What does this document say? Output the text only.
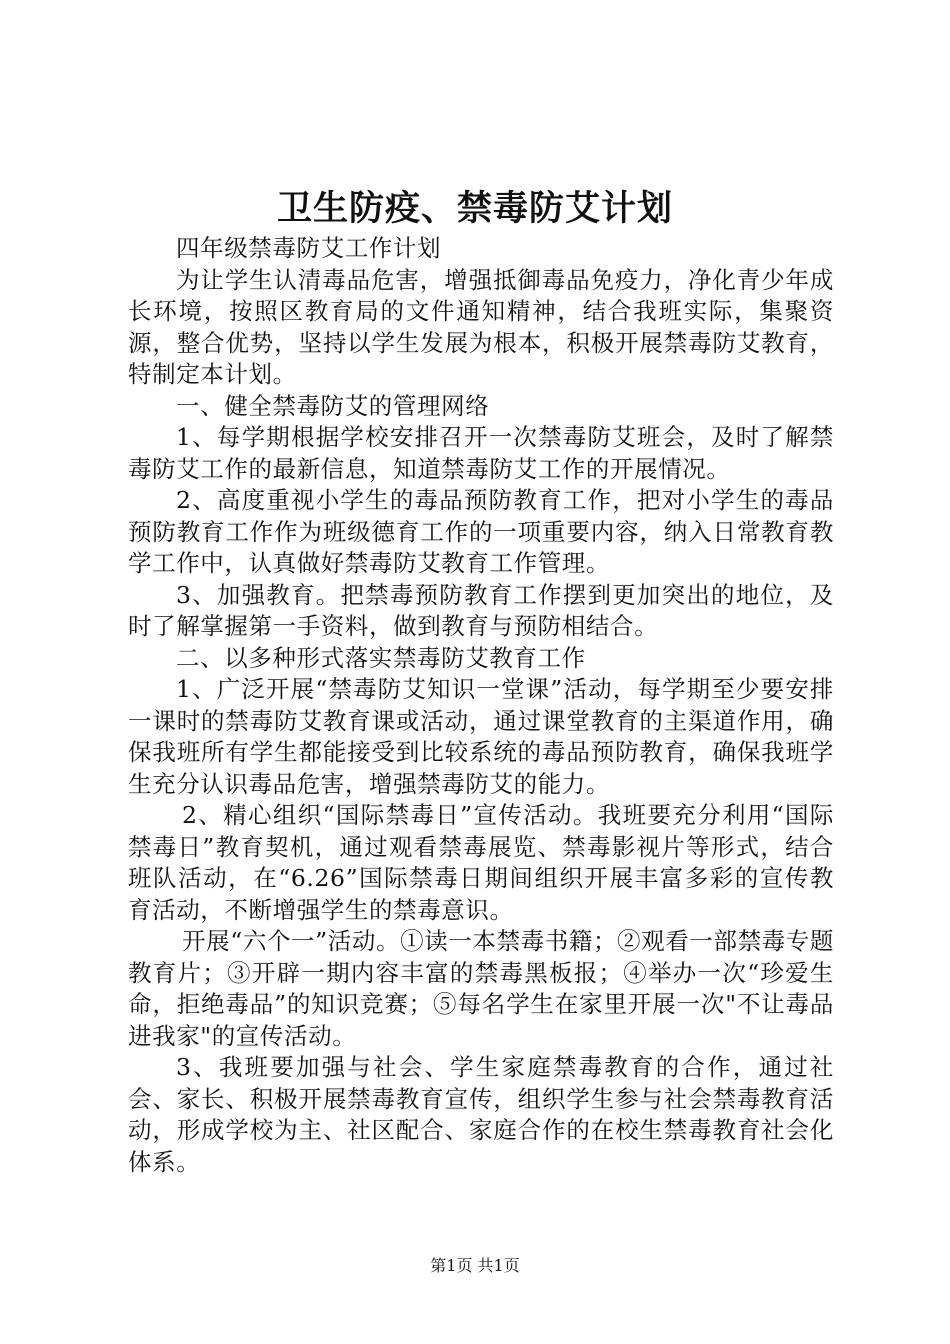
卫生防疫、禁毒防艾计划

四年级禁毒防艾工作计划

为让学生认清毒品危害，增强抵御毒品免疫力，净化青少年成长环境，按照区教育局的文件通知精神，结合我班实际，集聚资源，整合优势，坚持以学生发展为根本，积极开展禁毒防艾教育，特制定本计划。

一、健全禁毒防艾的管理网络

1、每学期根据学校安排召开一次禁毒防艾班会，及时了解禁毒防艾工作的最新信息，知道禁毒防艾工作的开展情况。

2、高度重视小学生的毒品预防教育工作，把对小学生的毒品预防教育工作作为班级德育工作的一项重要内容，纳入日常教育教学工作中，认真做好禁毒防艾教育工作管理。

3、加强教育。把禁毒预防教育工作摆到更加突出的地位，及时了解掌握第一手资料，做到教育与预防相结合。

二、以多种形式落实禁毒防艾教育工作

1、广泛开展“禁毒防艾知识一堂课”活动，每学期至少要安排一课时的禁毒防艾教育课或活动，通过课堂教育的主渠道作用，确保我班所有学生都能接受到比较系统的毒品预防教育，确保我班学生充分认识毒品危害，增强禁毒防艾的能力。

2、精心组织“国际禁毒日”宣传活动。我班要充分利用“国际禁毒日”教育契机，通过观看禁毒展览、禁毒影视片等形式，结合班队活动，在“6.26”国际禁毒日期间组织开展丰富多彩的宣传教育活动，不断增强学生的禁毒意识。

开展“六个一”活动。①读一本禁毒书籍；②观看一部禁毒专题教育片；③开辟一期内容丰富的禁毒黑板报；④举办一次“珍爱生命，拒绝毒品”的知识竞赛；⑤每名学生在家里开展一次"不让毒品进我家"的宣传活动。

3、我班要加强与社会、学生家庭禁毒教育的合作，通过社会、家长、积极开展禁毒教育宣传，组织学生参与社会禁毒教育活动，形成学校为主、社区配合、家庭合作的在校生禁毒教育社会化体系。

第1页 共1页
